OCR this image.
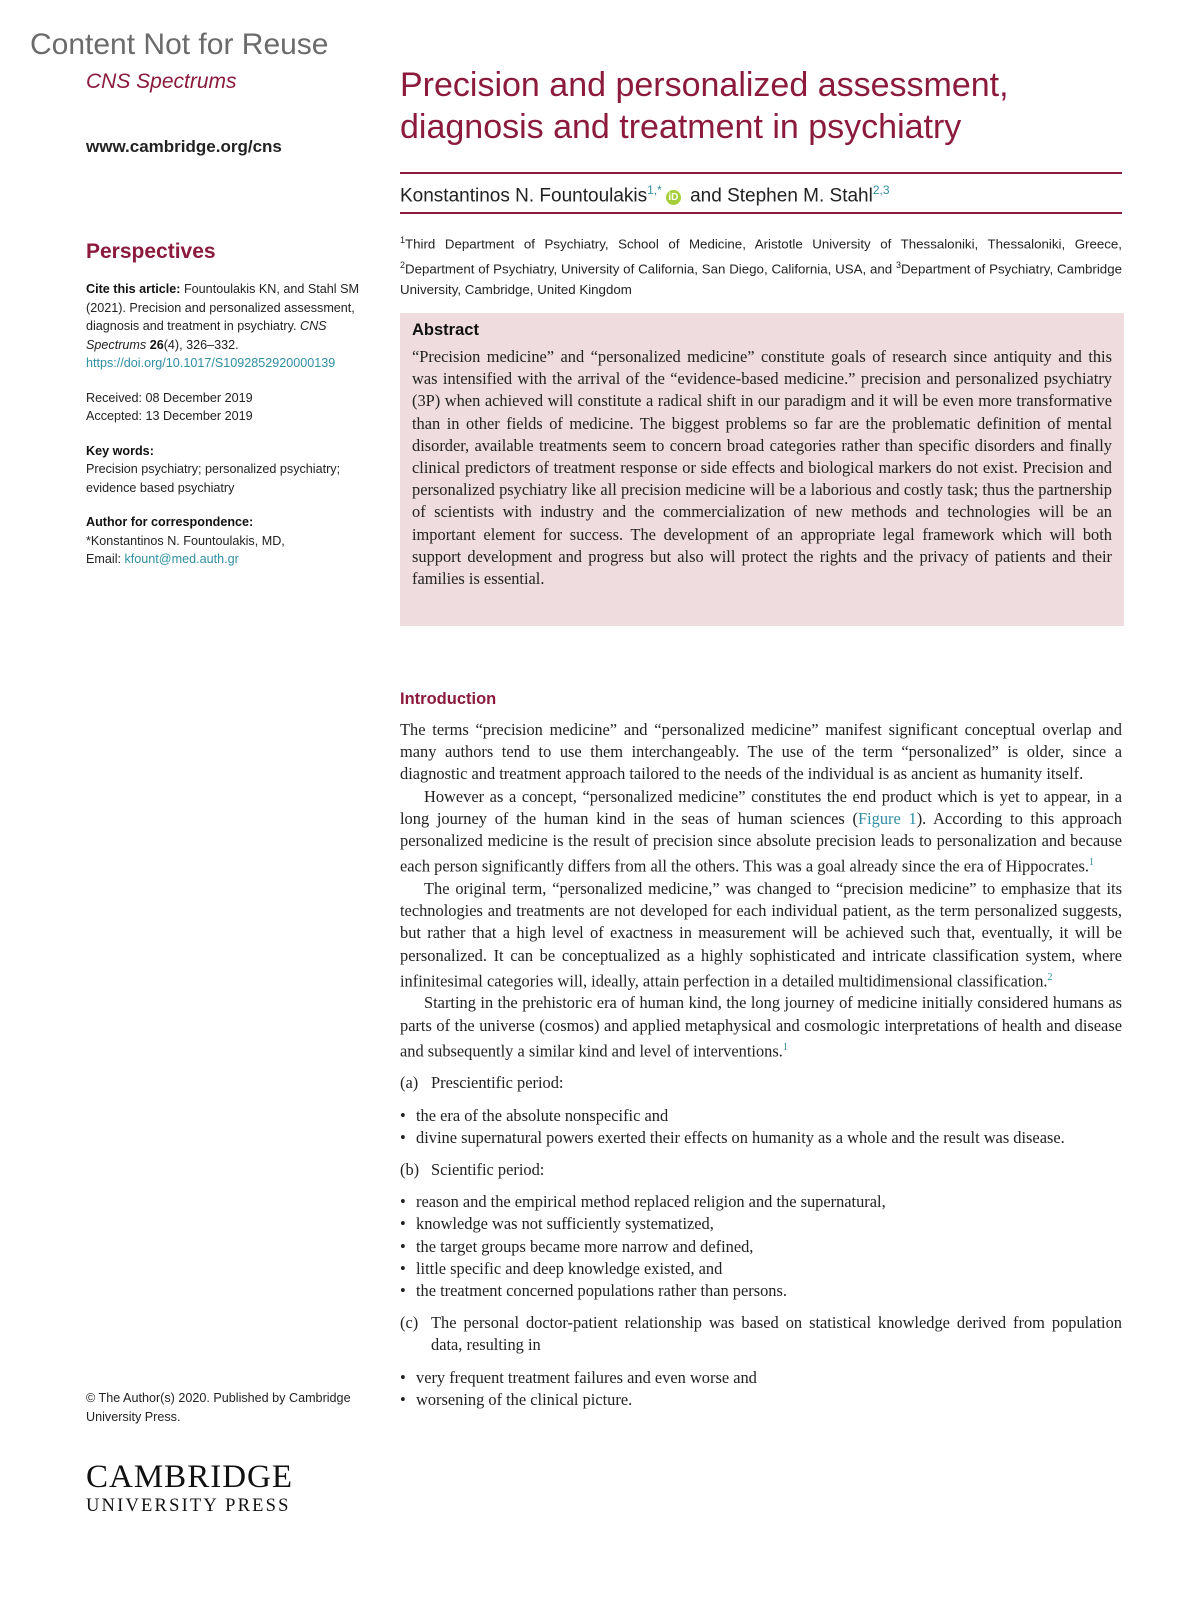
Content Not for Reuse
CNS Spectrums
www.cambridge.org/cns
Precision and personalized assessment,
diagnosis and treatment in psychiatry
Konstantinos N. Fountoulakis$^{1,*}$iD and Stephen M. Stahl$^{2,3}$
$^1$Third Department of Psychiatry, School of Medicine, Aristotle University of Thessaloniki, Thessaloniki, Greece, $^2$Department of Psychiatry, University of California, San Diego, California, USA, and $^3$Department of Psychiatry, Cambridge University, Cambridge, United Kingdom
Abstract

“Precision medicine” and “personalized medicine” constitute goals of research since antiquity and this was intensified with the arrival of the “evidence-based medicine.” precision and personalized psychiatry (3P) when achieved will constitute a radical shift in our paradigm and it will be even more transformative than in other fields of medicine. The biggest problems so far are the problematic definition of mental disorder, available treatments seem to concern broad categories rather than specific disorders and finally clinical predictors of treatment response or side effects and biological markers do not exist. Precision and personalized psychiatry like all precision medicine will be a laborious and costly task; thus the partnership of scientists with industry and the commercialization of new methods and technologies will be an important element for success. The development of an appropriate legal framework which will both support development and progress but also will protect the rights and the privacy of patients and their families is essential.

Perspectives
Cite this article: Fountoulakis KN, and Stahl SM (2021). Precision and personalized assessment, diagnosis and treatment in psychiatry. CNS Spectrums 26(4), 326–332.
https://doi.org/10.1017/S1092852920000139
Received: 08 December 2019
Accepted: 13 December 2019
Key words:
Precision psychiatry; personalized psychiatry; evidence based psychiatry
Author for correspondence:
*Konstantinos N. Fountoulakis, MD,
Email: kfount@med.auth.gr
© The Author(s) 2020. Published by Cambridge University Press.
CAMBRIDGE
UNIVERSITY PRESS
Introduction

The terms “precision medicine” and “personalized medicine” manifest significant conceptual overlap and many authors tend to use them interchangeably. The use of the term “personalized” is older, since a diagnostic and treatment approach tailored to the needs of the individual is as ancient as humanity itself.

However as a concept, “personalized medicine” constitutes the end product which is yet to appear, in a long journey of the human kind in the seas of human sciences (Figure 1). According to this approach personalized medicine is the result of precision since absolute precision leads to personalization and because each person significantly differs from all the others. This was a goal already since the era of Hippocrates.$^1$

The original term, “personalized medicine,” was changed to “precision medicine” to emphasize that its technologies and treatments are not developed for each individual patient, as the term personalized suggests, but rather that a high level of exactness in measurement will be achieved such that, eventually, it will be personalized. It can be conceptualized as a highly sophisticated and intricate classification system, where infinitesimal categories will, ideally, attain perfection in a detailed multidimensional classification.$^2$

Starting in the prehistoric era of human kind, the long journey of medicine initially considered humans as parts of the universe (cosmos) and applied metaphysical and cosmologic interpretations of health and disease and subsequently a similar kind and level of interventions.$^1$

(a) Prescientific period:
• the era of the absolute nonspecific and
• divine supernatural powers exerted their effects on humanity as a whole and the result was disease.
(b) Scientific period:
• reason and the empirical method replaced religion and the supernatural,
• knowledge was not sufficiently systematized,
• the target groups became more narrow and defined,
• little specific and deep knowledge existed, and
• the treatment concerned populations rather than persons.
(c) The personal doctor-patient relationship was based on statistical knowledge derived from population data, resulting in
• very frequent treatment failures and even worse and
• worsening of the clinical picture.
